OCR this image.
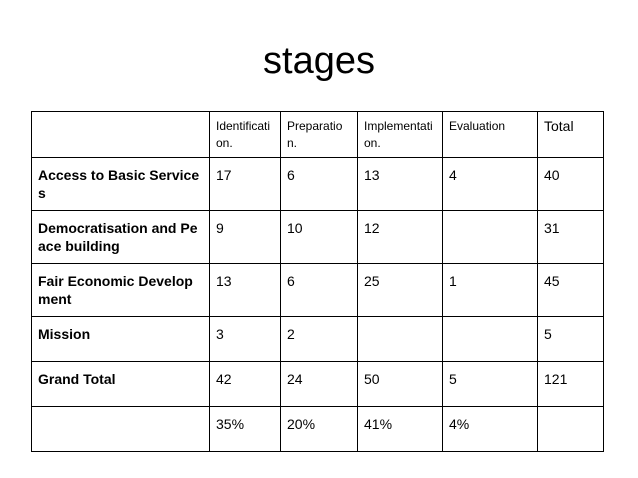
stages
	Identificati on.	Preparatio n.	Implementati on.	Evaluation	Total
Access to Basic Services	17	6	13	4	40
Democratisation and Peace building	9	10	12		31
Fair Economic Development	13	6	25	1	45
Mission	3	2			5
Grand Total	42	24	50	5	121
	35%	20%	41%	4%	
